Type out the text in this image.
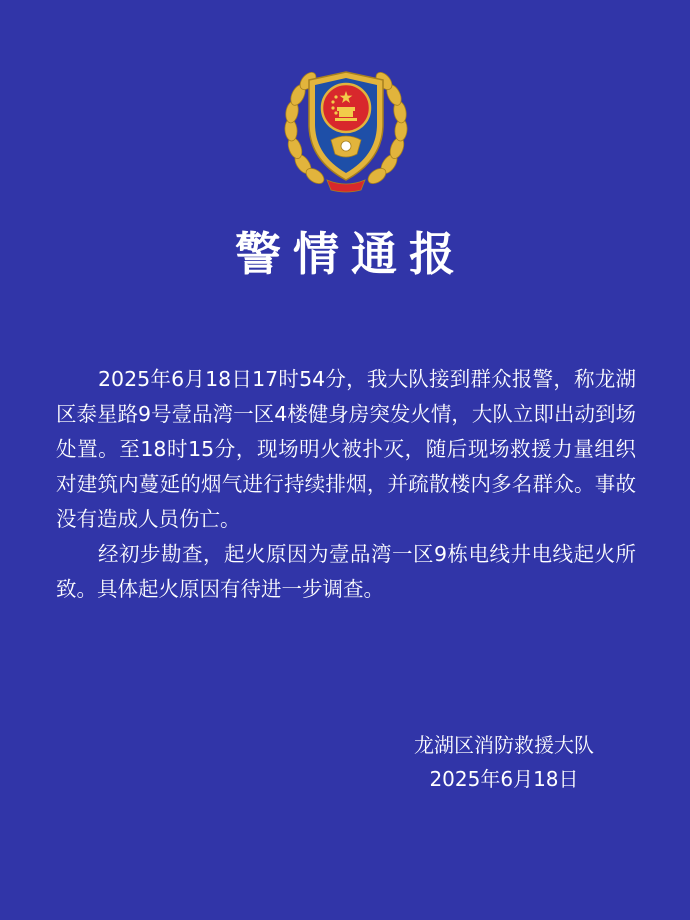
警情通报

2025年6月18日17时54分，我大队接到群众报警，称龙湖区泰星路9号壹品湾一区4楼健身房突发火情，大队立即出动到场处置。至18时15分，现场明火被扑灭，随后现场救援力量组织对建筑内蔓延的烟气进行持续排烟，并疏散楼内多名群众。事故没有造成人员伤亡。

经初步勘查，起火原因为壹品湾一区9栋电线井电线起火所致。具体起火原因有待进一步调查。

龙湖区消防救援大队
2025年6月18日
